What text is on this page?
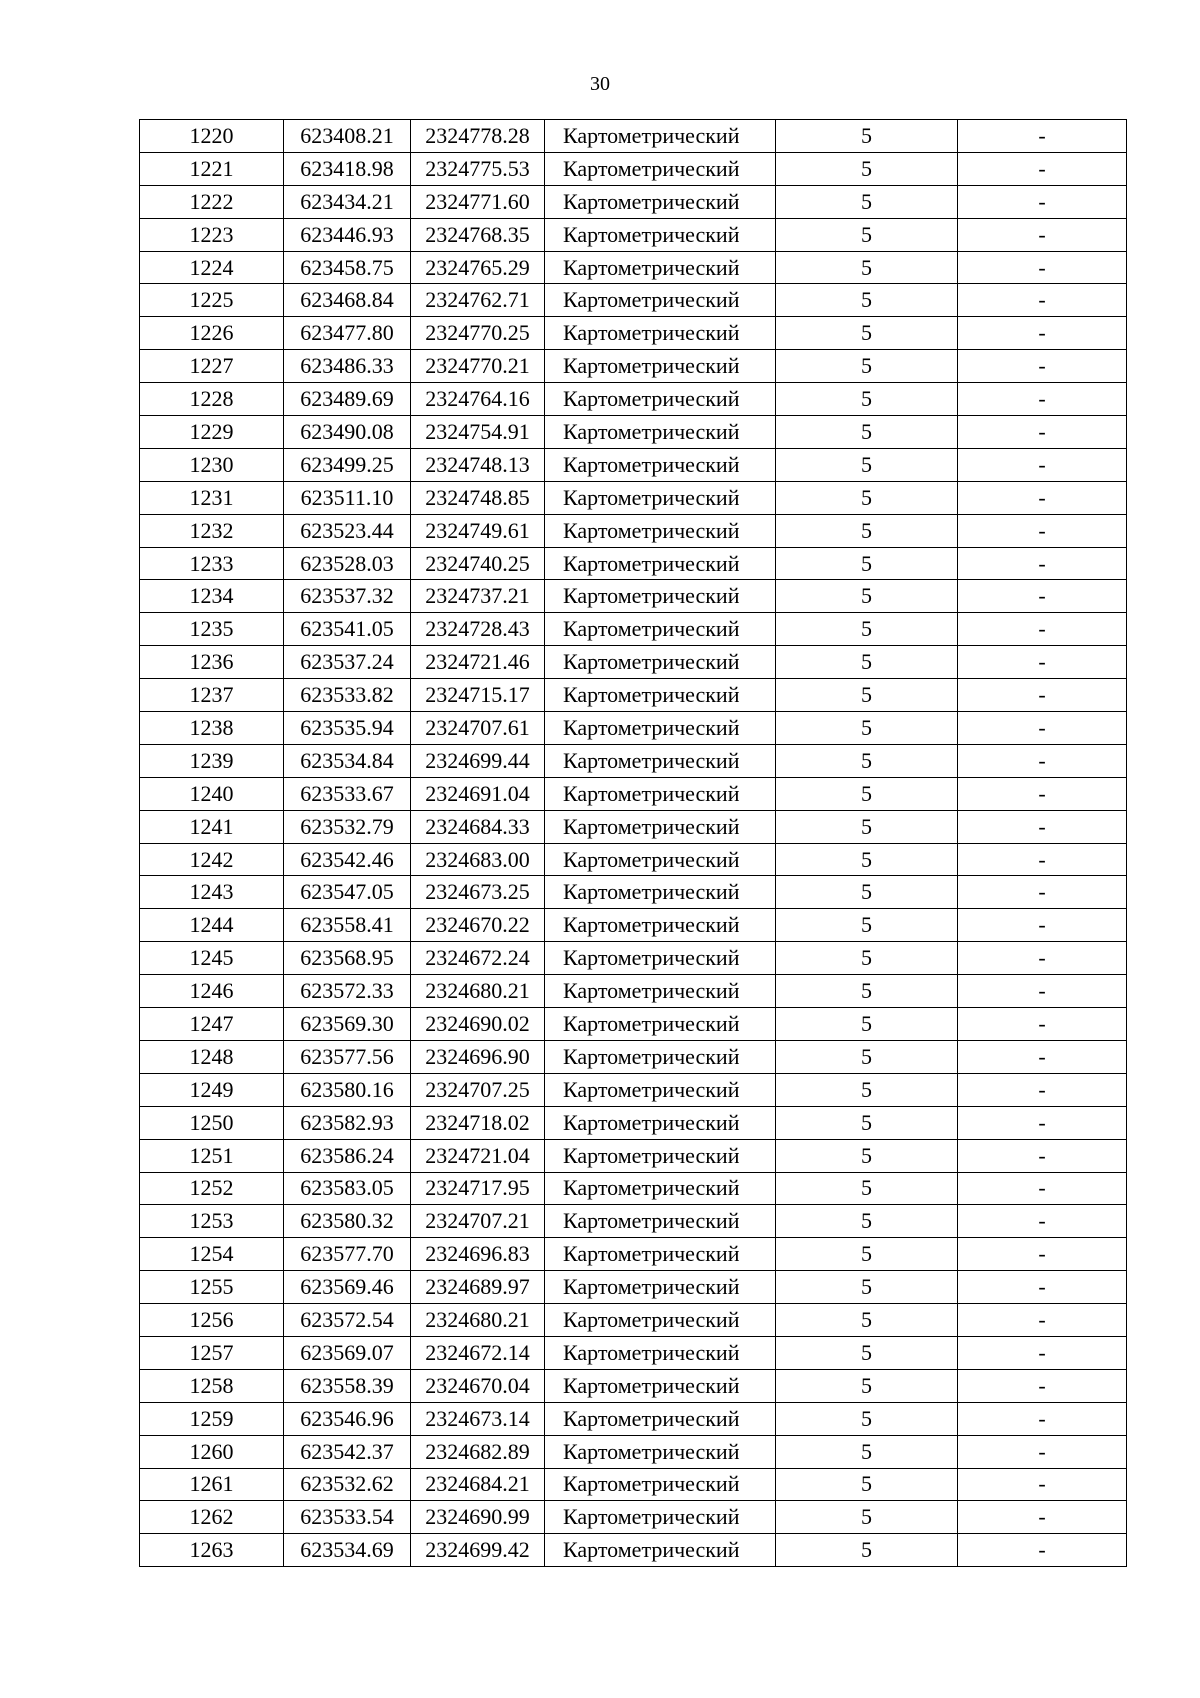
30
1220	623408.21	2324778.28	Картометрический	5	-
1221	623418.98	2324775.53	Картометрический	5	-
1222	623434.21	2324771.60	Картометрический	5	-
1223	623446.93	2324768.35	Картометрический	5	-
1224	623458.75	2324765.29	Картометрический	5	-
1225	623468.84	2324762.71	Картометрический	5	-
1226	623477.80	2324770.25	Картометрический	5	-
1227	623486.33	2324770.21	Картометрический	5	-
1228	623489.69	2324764.16	Картометрический	5	-
1229	623490.08	2324754.91	Картометрический	5	-
1230	623499.25	2324748.13	Картометрический	5	-
1231	623511.10	2324748.85	Картометрический	5	-
1232	623523.44	2324749.61	Картометрический	5	-
1233	623528.03	2324740.25	Картометрический	5	-
1234	623537.32	2324737.21	Картометрический	5	-
1235	623541.05	2324728.43	Картометрический	5	-
1236	623537.24	2324721.46	Картометрический	5	-
1237	623533.82	2324715.17	Картометрический	5	-
1238	623535.94	2324707.61	Картометрический	5	-
1239	623534.84	2324699.44	Картометрический	5	-
1240	623533.67	2324691.04	Картометрический	5	-
1241	623532.79	2324684.33	Картометрический	5	-
1242	623542.46	2324683.00	Картометрический	5	-
1243	623547.05	2324673.25	Картометрический	5	-
1244	623558.41	2324670.22	Картометрический	5	-
1245	623568.95	2324672.24	Картометрический	5	-
1246	623572.33	2324680.21	Картометрический	5	-
1247	623569.30	2324690.02	Картометрический	5	-
1248	623577.56	2324696.90	Картометрический	5	-
1249	623580.16	2324707.25	Картометрический	5	-
1250	623582.93	2324718.02	Картометрический	5	-
1251	623586.24	2324721.04	Картометрический	5	-
1252	623583.05	2324717.95	Картометрический	5	-
1253	623580.32	2324707.21	Картометрический	5	-
1254	623577.70	2324696.83	Картометрический	5	-
1255	623569.46	2324689.97	Картометрический	5	-
1256	623572.54	2324680.21	Картометрический	5	-
1257	623569.07	2324672.14	Картометрический	5	-
1258	623558.39	2324670.04	Картометрический	5	-
1259	623546.96	2324673.14	Картометрический	5	-
1260	623542.37	2324682.89	Картометрический	5	-
1261	623532.62	2324684.21	Картометрический	5	-
1262	623533.54	2324690.99	Картометрический	5	-
1263	623534.69	2324699.42	Картометрический	5	-
